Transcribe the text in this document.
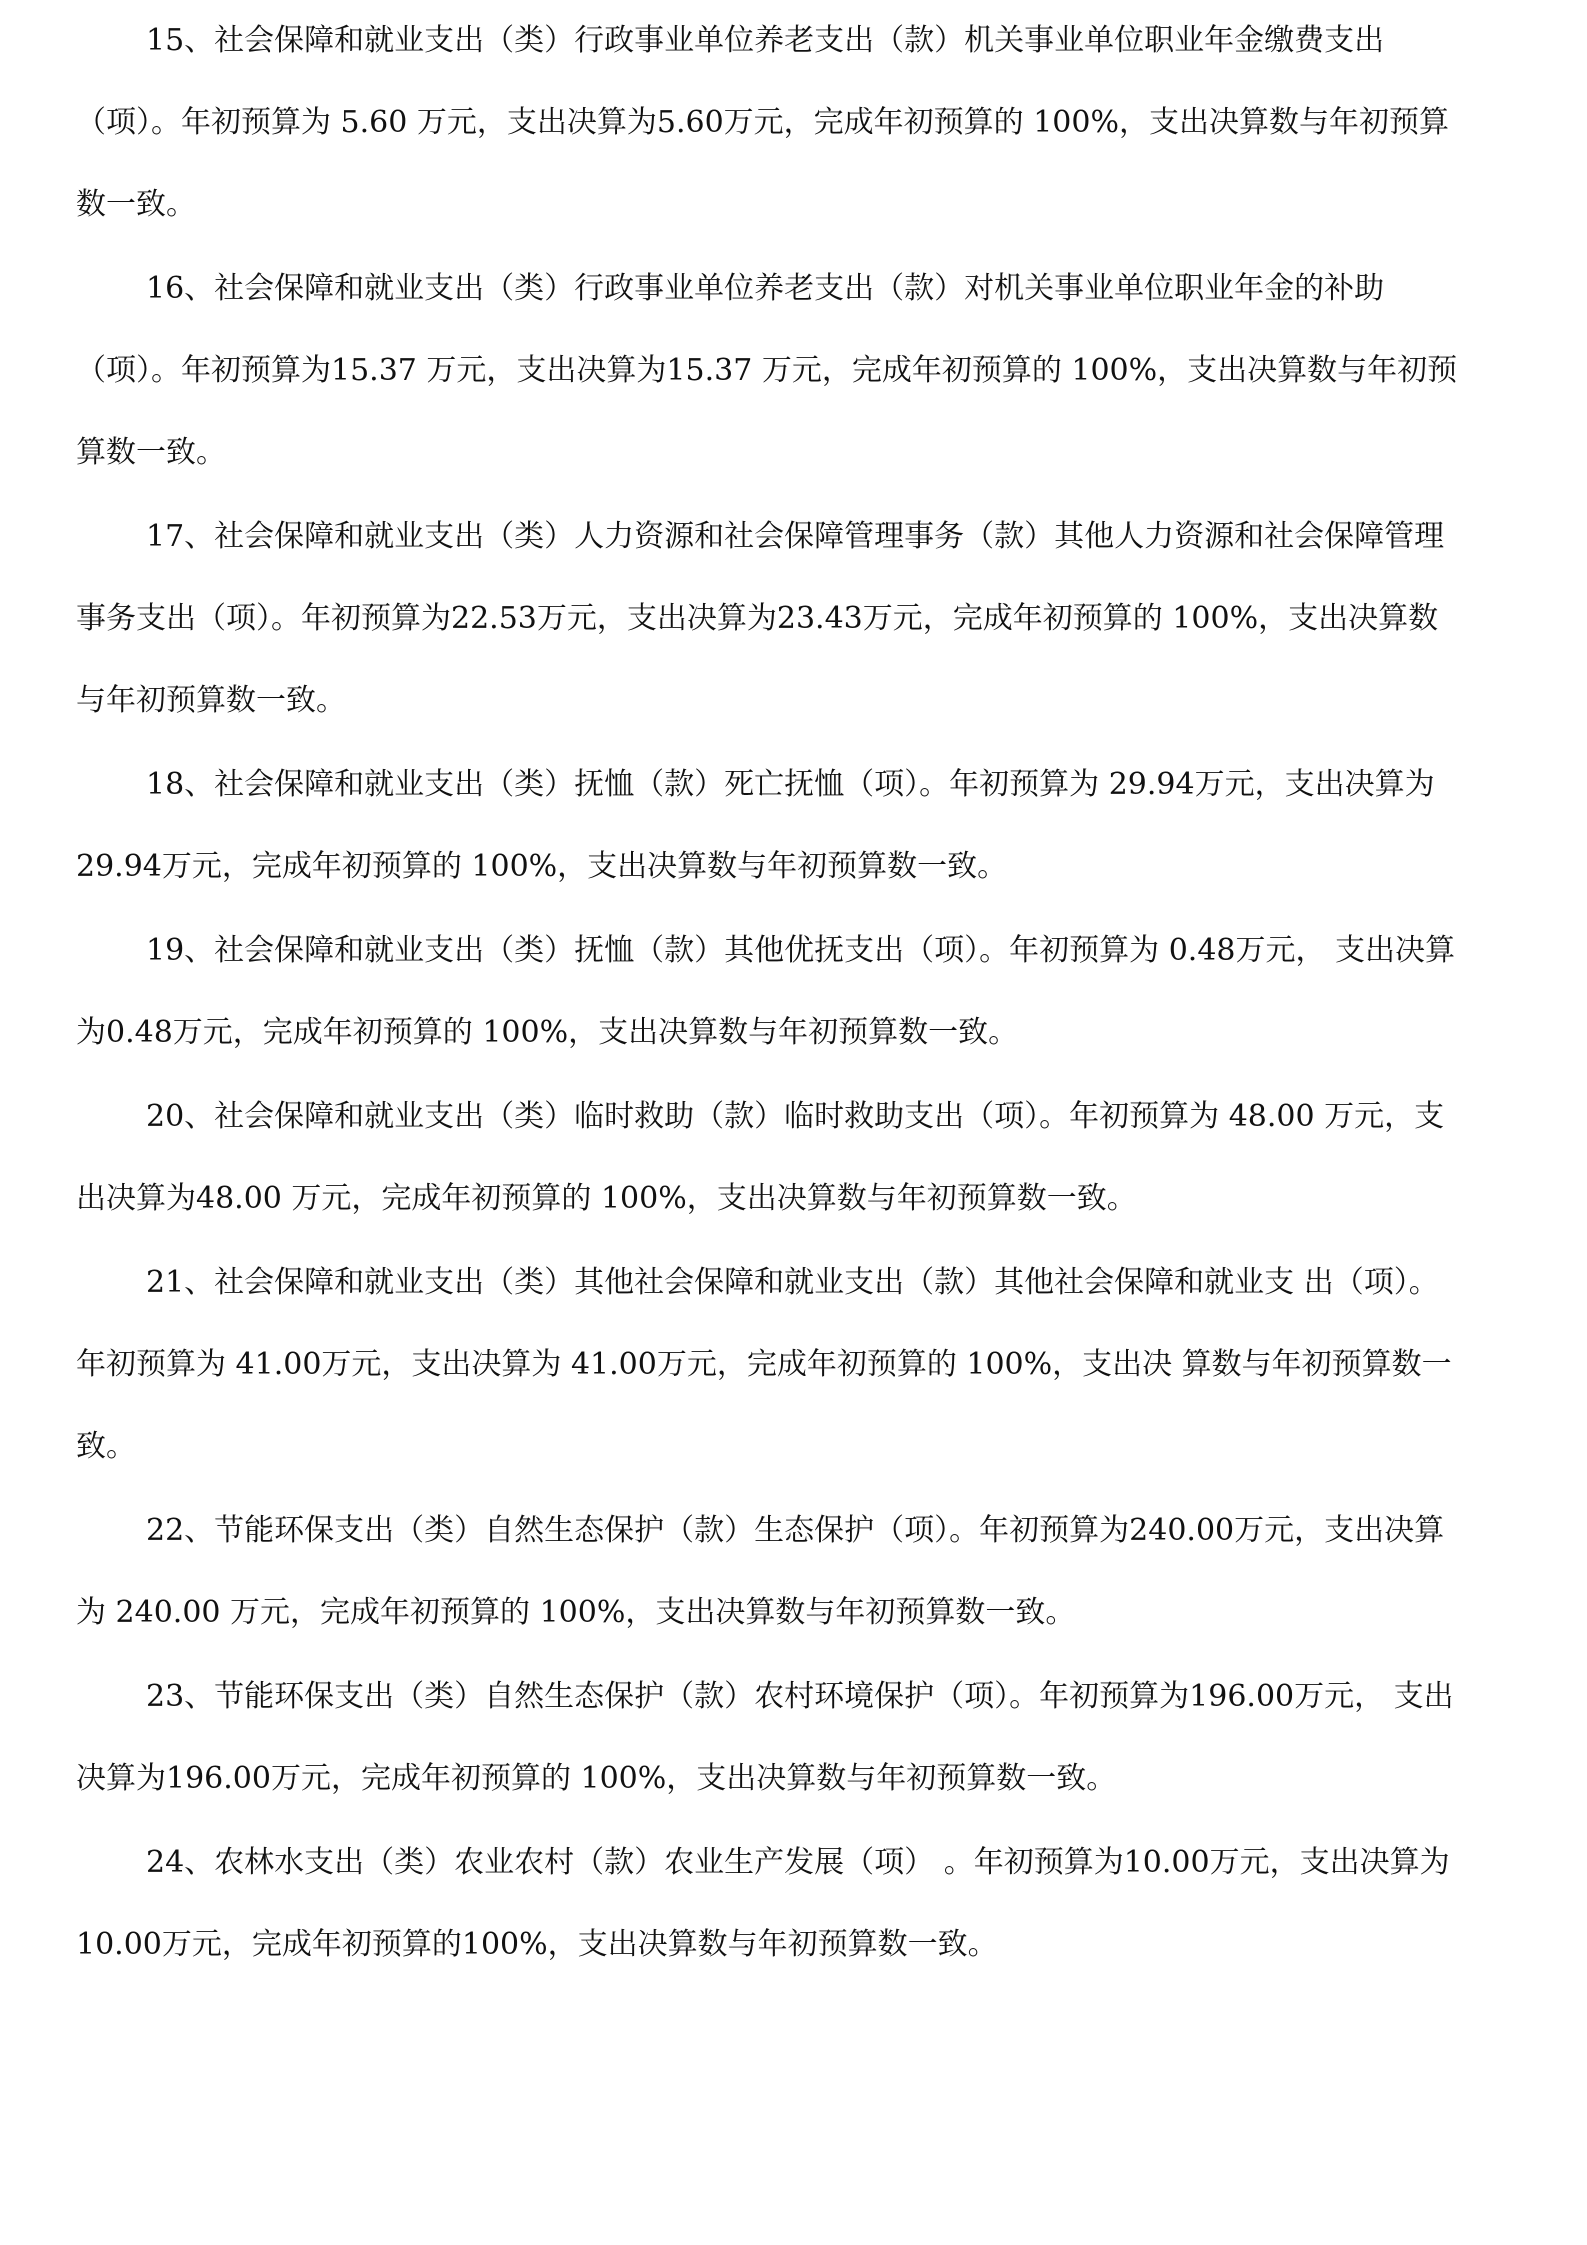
15、社会保障和就业支出（类）行政事业单位养老支出（款）机关事业单位职业年金缴费支出（项）。年初预算为 5.60 万元，支出决算为5.60万元，完成年初预算的 100%，支出决算数与年初预算数一致。

16、社会保障和就业支出（类）行政事业单位养老支出（款）对机关事业单位职业年金的补助（项）。年初预算为15.37 万元，支出决算为15.37 万元，完成年初预算的 100%，支出决算数与年初预算数一致。

17、社会保障和就业支出（类）人力资源和社会保障管理事务（款）其他人力资源和社会保障管理事务支出（项）。年初预算为22.53万元，支出决算为23.43万元，完成年初预算的 100%，支出决算数与年初预算数一致。

18、社会保障和就业支出（类）抚恤（款）死亡抚恤（项）。年初预算为 29.94万元，支出决算为 29.94万元，完成年初预算的 100%，支出决算数与年初预算数一致。

19、社会保障和就业支出（类）抚恤（款）其他优抚支出（项）。年初预算为 0.48万元， 支出决算为0.48万元，完成年初预算的 100%，支出决算数与年初预算数一致。

20、社会保障和就业支出（类）临时救助（款）临时救助支出（项）。年初预算为 48.00 万元，支出决算为48.00 万元，完成年初预算的 100%，支出决算数与年初预算数一致。

21、社会保障和就业支出（类）其他社会保障和就业支出（款）其他社会保障和就业支 出（项）。年初预算为 41.00万元，支出决算为 41.00万元，完成年初预算的 100%，支出决 算数与年初预算数一致。

22、节能环保支出（类）自然生态保护（款）生态保护（项）。年初预算为240.00万元，支出决算为 240.00 万元，完成年初预算的 100%，支出决算数与年初预算数一致。

23、节能环保支出（类）自然生态保护（款）农村环境保护（项）。年初预算为196.00万元， 支出决算为196.00万元，完成年初预算的 100%，支出决算数与年初预算数一致。

24、农林水支出（类）农业农村（款）农业生产发展（项） 。年初预算为10.00万元，支出决算为 10.00万元，完成年初预算的100%，支出决算数与年初预算数一致。
